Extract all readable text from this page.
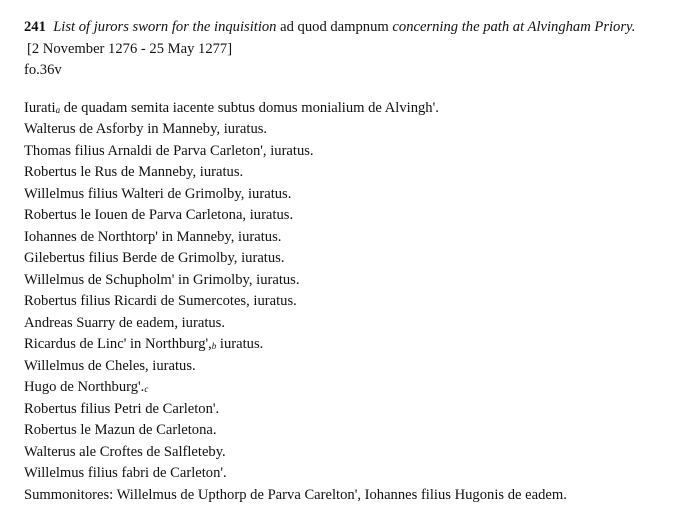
241 List of jurors sworn for the inquisition ad quod dampnum concerning the path at Alvingham Priory.
[2 November 1276 - 25 May 1277]
fo.36v
Iuratia de quadam semita iacente subtus domus monialium de Alvingh'.
Walterus de Asforby in Manneby, iuratus.
Thomas filius Arnaldi de Parva Carleton', iuratus.
Robertus le Rus de Manneby, iuratus.
Willelmus filius Walteri de Grimolby, iuratus.
Robertus le Iouen de Parva Carletona, iuratus.
Iohannes de Northtorp' in Manneby, iuratus.
Gilebertus filius Berde de Grimolby, iuratus.
Willelmus de Schupholm' in Grimolby, iuratus.
Robertus filius Ricardi de Sumercotes, iuratus.
Andreas Suarry de eadem, iuratus.
Ricardus de Linc' in Northburg',b iuratus.
Willelmus de Cheles, iuratus.
Hugo de Northburg'.c
Robertus filius Petri de Carleton'.
Robertus le Mazun de Carletona.
Walterus ale Croftes de Salfleteby.
Willelmus filius fabri de Carleton'.
Summonitores: Willelmus de Upthorp de Parva Carelton', Iohannes filius Hugonis de eadem.
